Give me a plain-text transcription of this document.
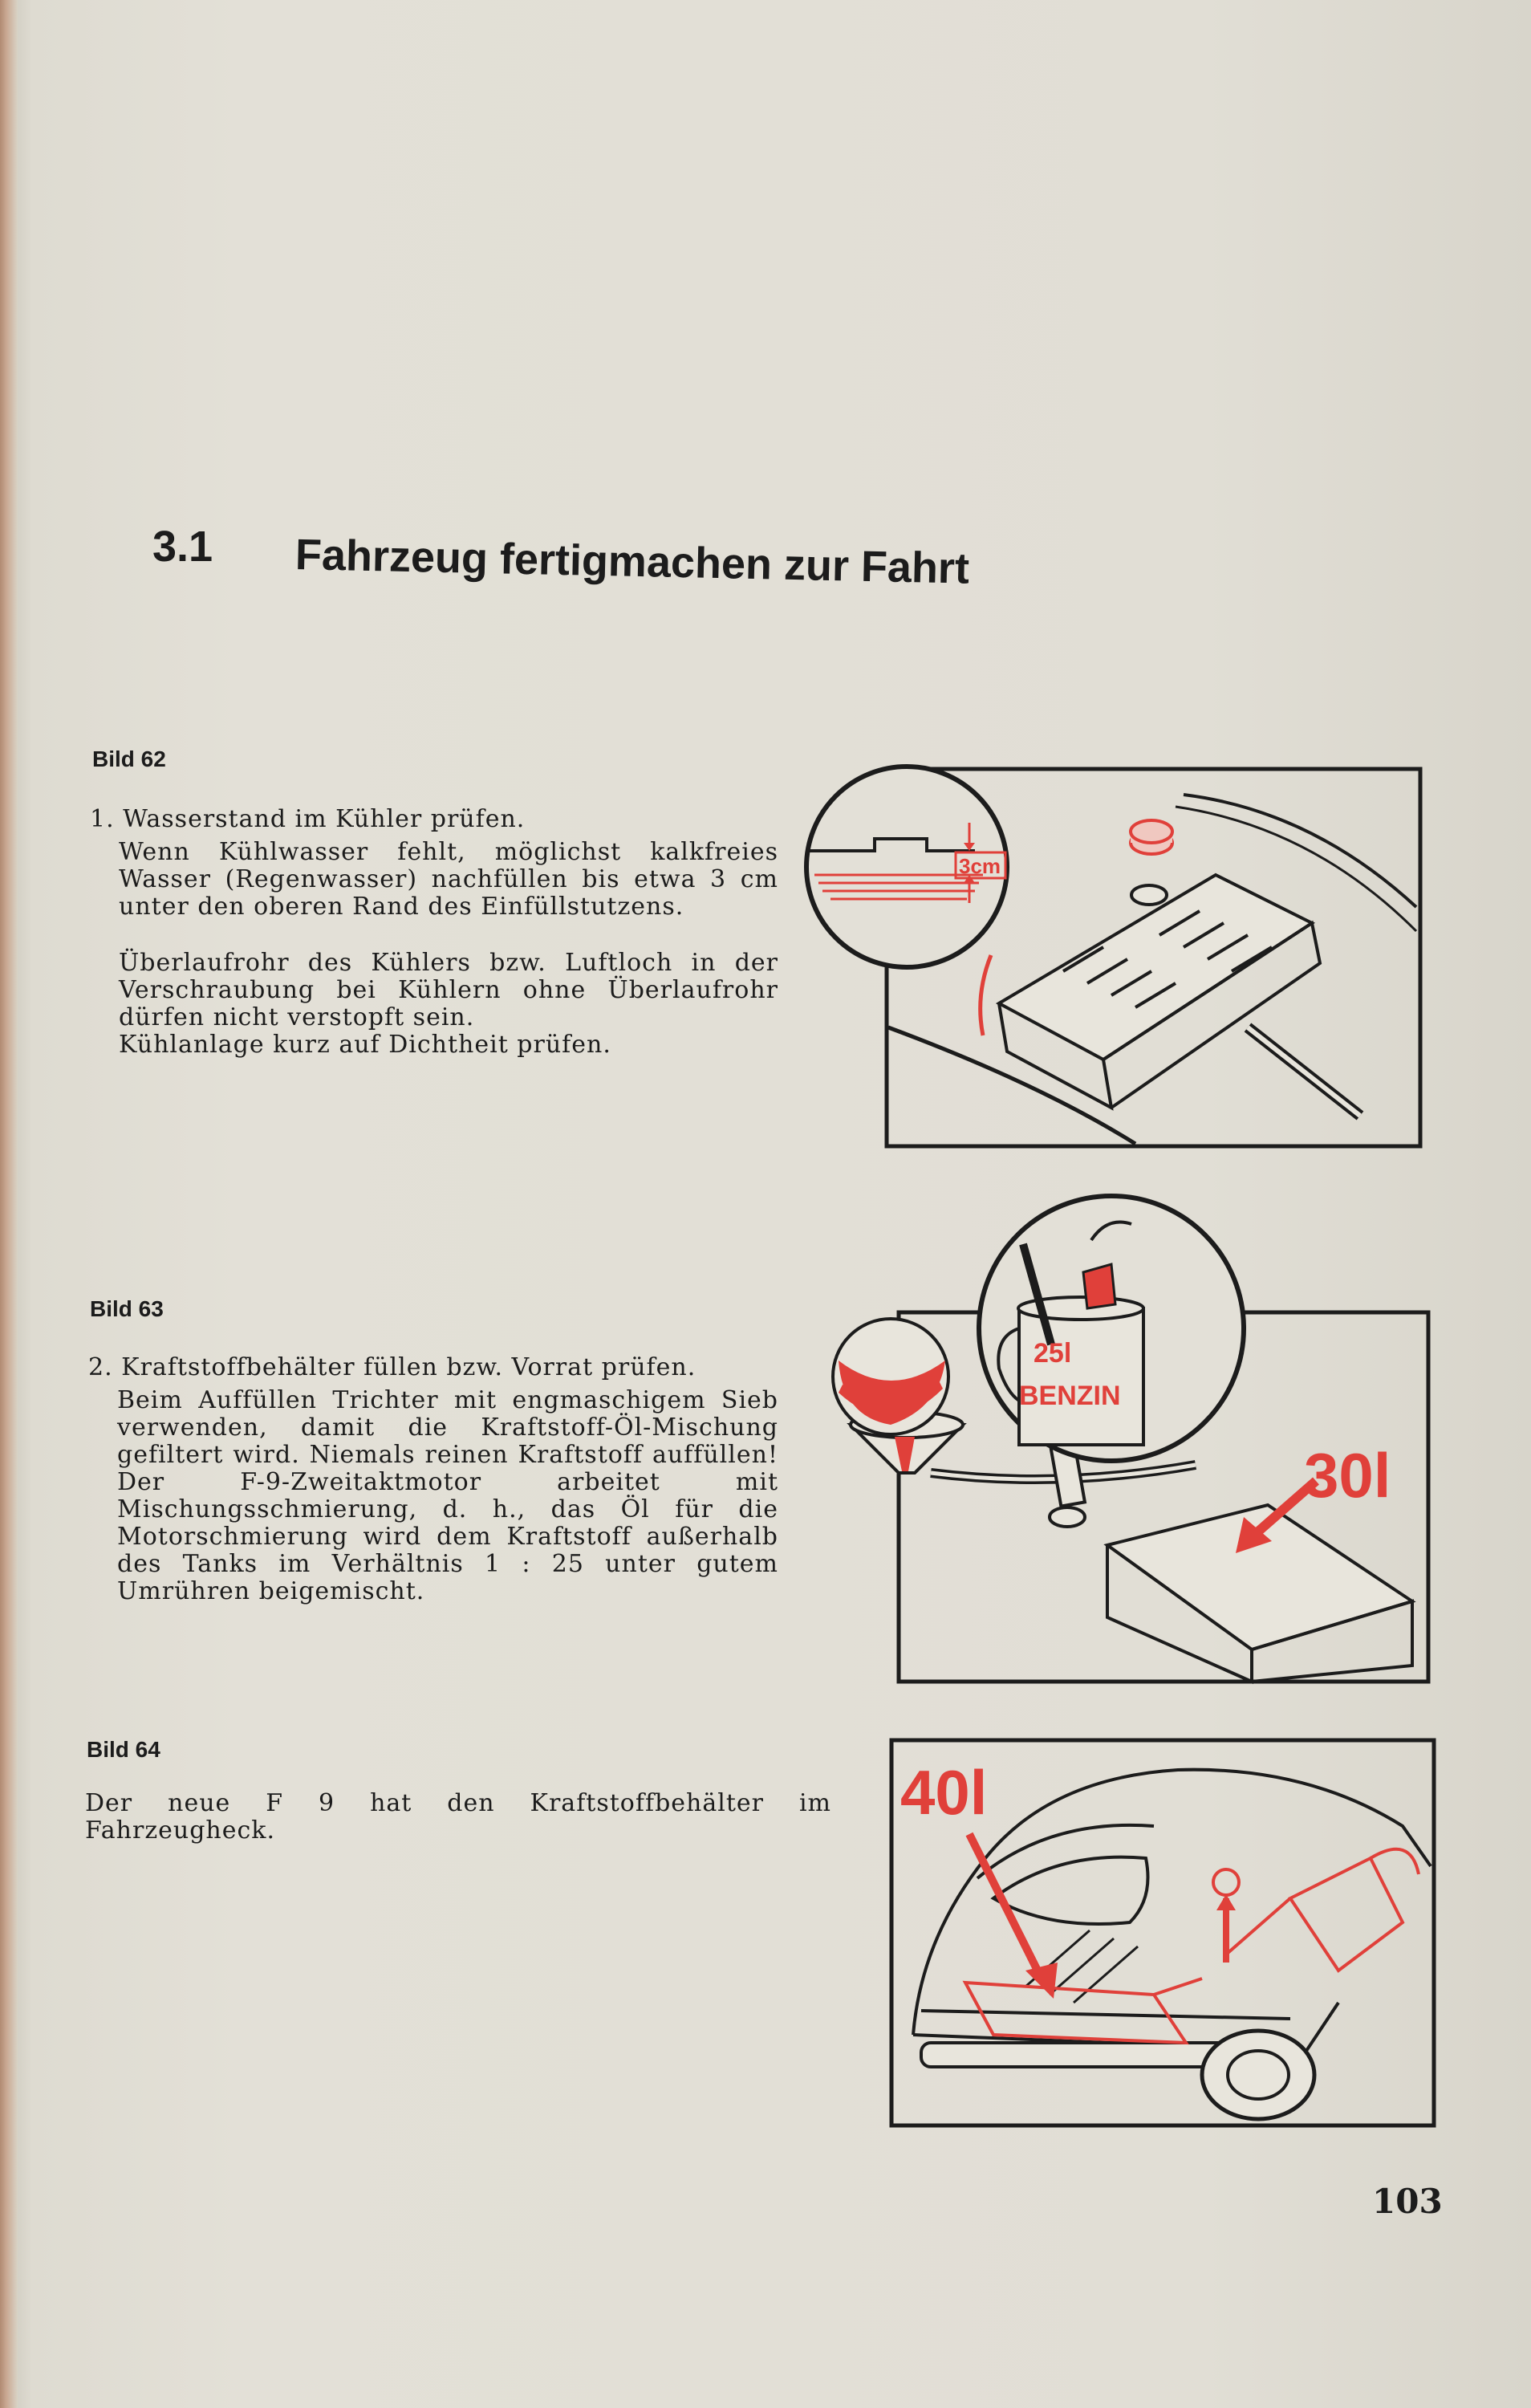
3.1 Fahrzeug fertigmachen zur Fahrt
Bild 62
1. Wasserstand im Kühler prüfen.

Wenn Kühlwasser fehlt, möglichst kalkfreies Wasser (Regenwasser) nachfüllen bis etwa 3 cm unter den oberen Rand des Einfüllstutzens.

Überlaufrohr des Kühlers bzw. Luftloch in der Verschraubung bei Kühlern ohne Überlaufrohr dürfen nicht verstopft sein.

Kühlanlage kurz auf Dichtheit prüfen.

3cm
Bild 63
2. Kraftstoffbehälter füllen bzw. Vorrat prüfen.

Beim Auffüllen Trichter mit engmaschigem Sieb verwenden, damit die Kraftstoff-Öl-Mischung gefiltert wird. Niemals reinen Kraftstoff auffüllen! Der F-9-Zweitaktmotor arbeitet mit Mischungsschmierung, d. h., das Öl für die Motorschmierung wird dem Kraftstoff außerhalb des Tanks im Verhältnis 1 : 25 unter gutem Umrühren beigemischt.

25l
BENZIN
30l
Bild 64

Der neue F 9 hat den Kraftstoffbehälter im Fahrzeugheck.

40l
103
